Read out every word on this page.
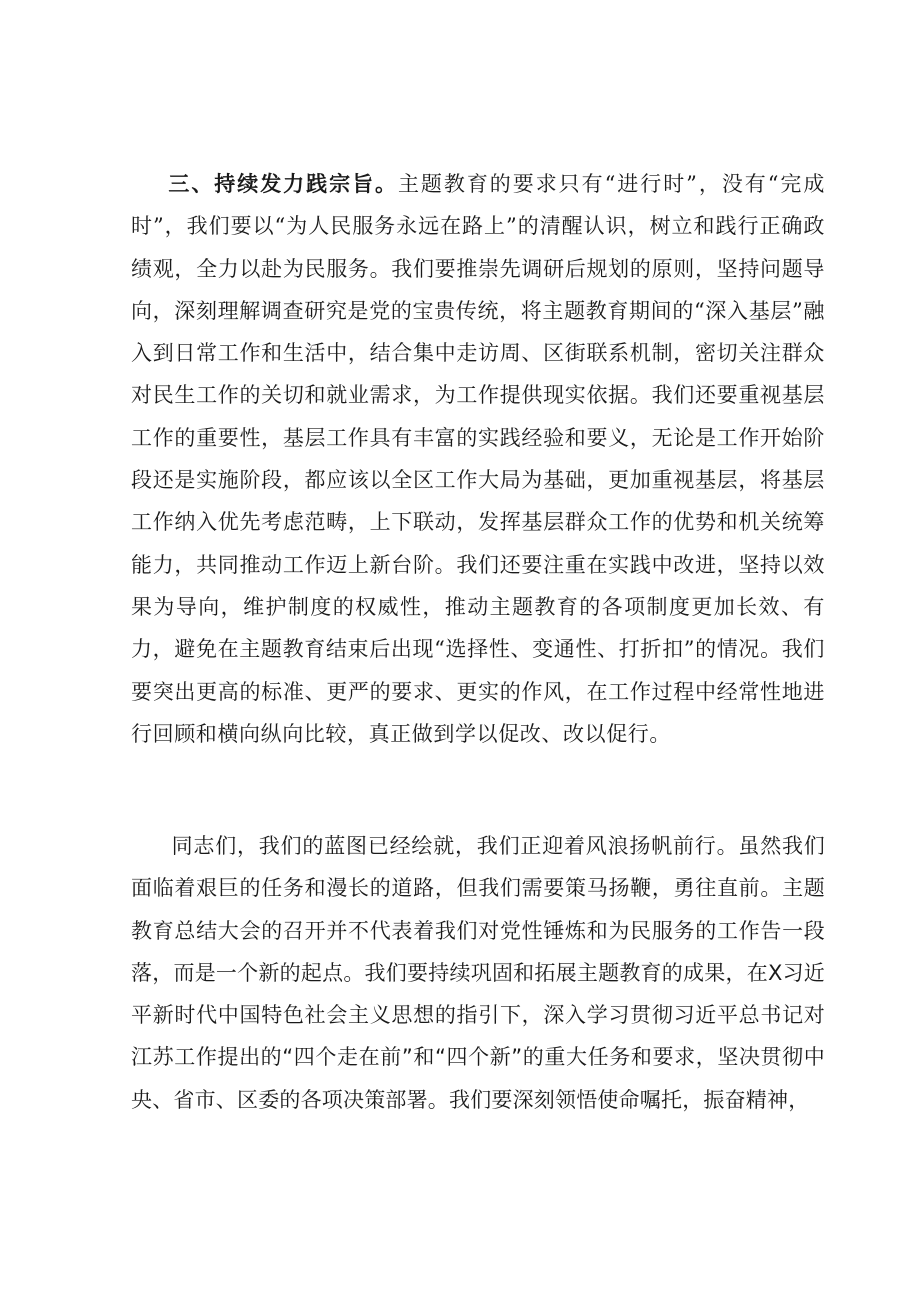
三、持续发力践宗旨。主题教育的要求只有“进行时”，没有“完成时”，我们要以“为人民服务永远在路上”的清醒认识，树立和践行正确政绩观，全力以赴为民服务。我们要推崇先调研后规划的原则，坚持问题导向，深刻理解调查研究是党的宝贵传统，将主题教育期间的“深入基层”融入到日常工作和生活中，结合集中走访周、区街联系机制，密切关注群众对民生工作的关切和就业需求，为工作提供现实依据。我们还要重视基层工作的重要性，基层工作具有丰富的实践经验和要义，无论是工作开始阶段还是实施阶段，都应该以全区工作大局为基础，更加重视基层，将基层工作纳入优先考虑范畴，上下联动，发挥基层群众工作的优势和机关统筹能力，共同推动工作迈上新台阶。我们还要注重在实践中改进，坚持以效果为导向，维护制度的权威性，推动主题教育的各项制度更加长效、有力，避免在主题教育结束后出现“选择性、变通性、打折扣”的情况。我们要突出更高的标准、更严的要求、更实的作风，在工作过程中经常性地进行回顾和横向纵向比较，真正做到学以促改、改以促行。
同志们，我们的蓝图已经绘就，我们正迎着风浪扬帆前行。虽然我们面临着艰巨的任务和漫长的道路，但我们需要策马扬鞭，勇往直前。主题教育总结大会的召开并不代表着我们对党性锤炼和为民服务的工作告一段落，而是一个新的起点。我们要持续巩固和拓展主题教育的成果，在X习近平新时代中国特色社会主义思想的指引下，深入学习贯彻习近平总书记对江苏工作提出的“四个走在前”和“四个新”的重大任务和要求，坚决贯彻中央、省市、区委的各项决策部署。我们要深刻领悟使命嘱托，振奋精神，
